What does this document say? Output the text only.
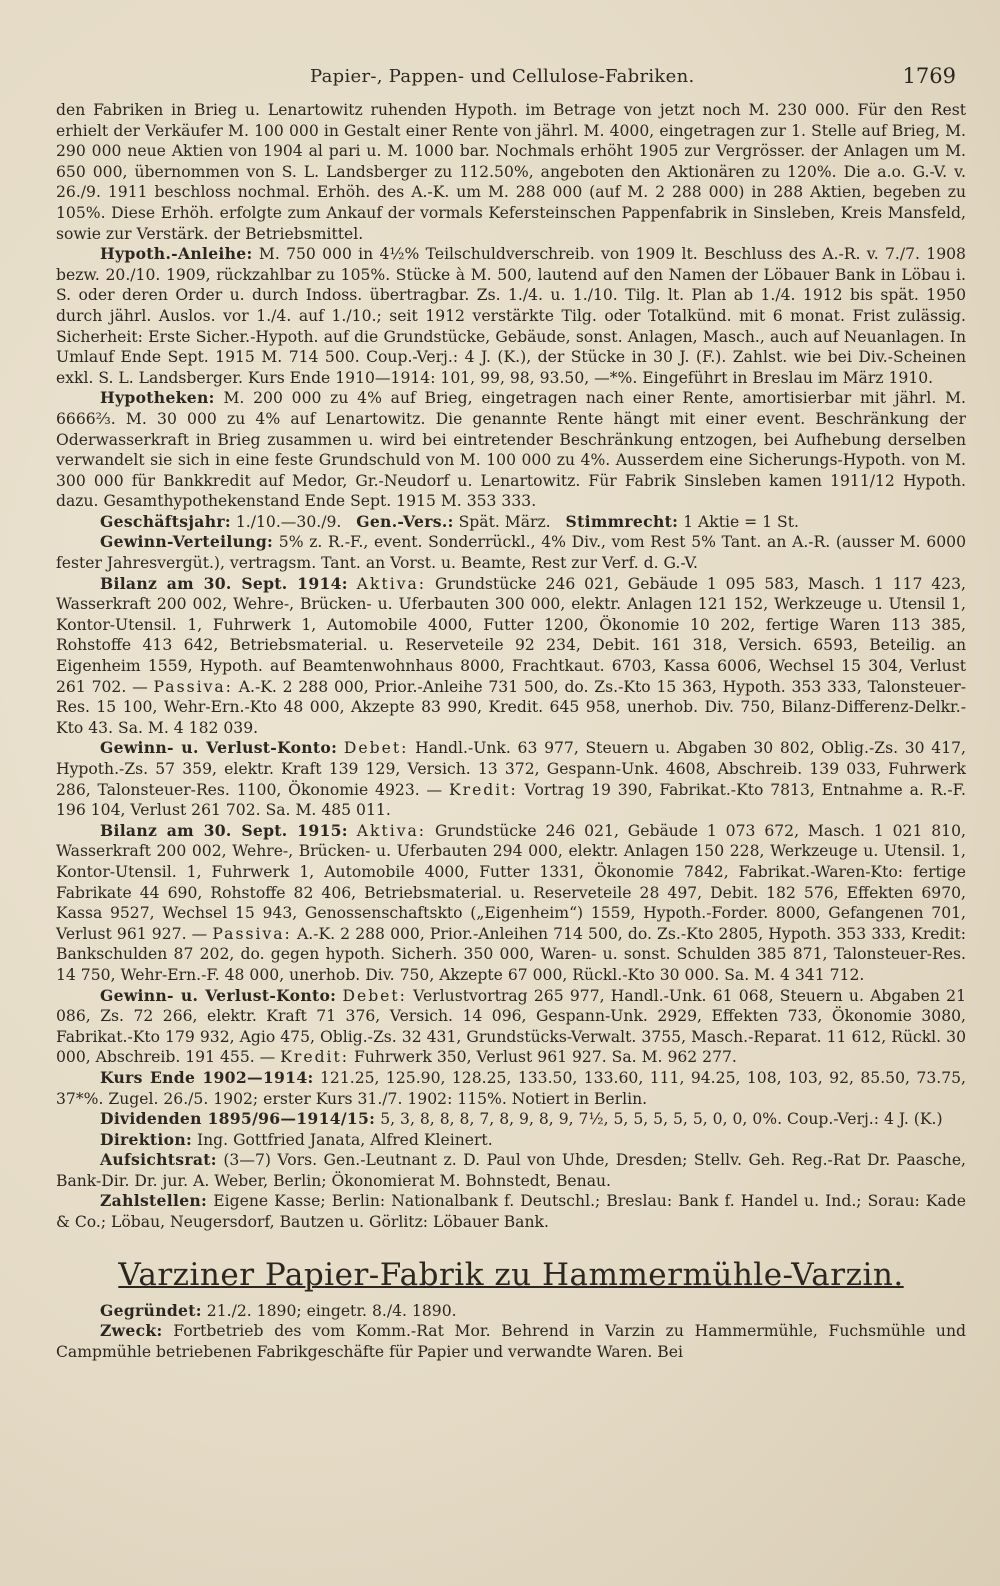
Papier-, Pappen- und Cellulose-Fabriken.	1769

den Fabriken in Brieg u. Lenartowitz ruhenden Hypoth. im Betrage von jetzt noch M. 230 000. Für den Rest erhielt der Verkäufer M. 100 000 in Gestalt einer Rente von jährl. M. 4000, eingetragen zur 1. Stelle auf Brieg, M. 290 000 neue Aktien von 1904 al pari u. M. 1000 bar. Nochmals erhöht 1905 zur Vergrösser. der Anlagen um M. 650 000, übernommen von S. L. Landsberger zu 112.50%, angeboten den Aktionären zu 120%. Die a.o. G.-V. v. 26./9. 1911 beschloss nochmal. Erhöh. des A.-K. um M. 288 000 (auf M. 2 288 000) in 288 Aktien, begeben zu 105%. Diese Erhöh. erfolgte zum Ankauf der vormals Kefersteinschen Pappenfabrik in Sinsleben, Kreis Mansfeld, sowie zur Verstärk. der Betriebsmittel.

Hypoth.-Anleihe: M. 750 000 in 4½% Teilschuldverschreib. von 1909 lt. Beschluss des A.-R. v. 7./7. 1908 bezw. 20./10. 1909, rückzahlbar zu 105%. Stücke à M. 500, lautend auf den Namen der Löbauer Bank in Löbau i. S. oder deren Order u. durch Indoss. übertragbar. Zs. 1./4. u. 1./10. Tilg. lt. Plan ab 1./4. 1912 bis spät. 1950 durch jährl. Auslos. vor 1./4. auf 1./10.; seit 1912 verstärkte Tilg. oder Totalkünd. mit 6 monat. Frist zulässig. Sicherheit: Erste Sicher.-Hypoth. auf die Grundstücke, Gebäude, sonst. Anlagen, Masch., auch auf Neuanlagen. In Umlauf Ende Sept. 1915 M. 714 500. Coup.-Verj.: 4 J. (K.), der Stücke in 30 J. (F.). Zahlst. wie bei Div.-Scheinen exkl. S. L. Landsberger. Kurs Ende 1910—1914: 101, 99, 98, 93.50, —*%. Eingeführt in Breslau im März 1910.

Hypotheken: M. 200 000 zu 4% auf Brieg, eingetragen nach einer Rente, amortisierbar mit jährl. M. 6666⅔. M. 30 000 zu 4% auf Lenartowitz. Die genannte Rente hängt mit einer event. Beschränkung der Oderwasserkraft in Brieg zusammen u. wird bei eintretender Beschränkung entzogen, bei Aufhebung derselben verwandelt sie sich in eine feste Grundschuld von M. 100 000 zu 4%. Ausserdem eine Sicherungs-Hypoth. von M. 300 000 für Bankkredit auf Medor, Gr.-Neudorf u. Lenartowitz. Für Fabrik Sinsleben kamen 1911/12 Hypoth. dazu. Gesamthypothekenstand Ende Sept. 1915 M. 353 333.

Geschäftsjahr: 1./10.—30./9. Gen.-Vers.: Spät. März. Stimmrecht: 1 Aktie = 1 St.

Gewinn-Verteilung: 5% z. R.-F., event. Sonderrückl., 4% Div., vom Rest 5% Tant. an A.-R. (ausser M. 6000 fester Jahresvergüt.), vertragsm. Tant. an Vorst. u. Beamte, Rest zur Verf. d. G.-V.

Bilanz am 30. Sept. 1914: Aktiva: Grundstücke 246 021, Gebäude 1 095 583, Masch. 1 117 423, Wasserkraft 200 002, Wehre-, Brücken- u. Uferbauten 300 000, elektr. Anlagen 121 152, Werkzeuge u. Utensil 1, Kontor-Utensil. 1, Fuhrwerk 1, Automobile 4000, Futter 1200, Ökonomie 10 202, fertige Waren 113 385, Rohstoffe 413 642, Betriebsmaterial. u. Reserveteile 92 234, Debit. 161 318, Versich. 6593, Beteilig. an Eigenheim 1559, Hypoth. auf Beamtenwohnhaus 8000, Frachtkaut. 6703, Kassa 6006, Wechsel 15 304, Verlust 261 702. — Passiva: A.-K. 2 288 000, Prior.-Anleihe 731 500, do. Zs.-Kto 15 363, Hypoth. 353 333, Talonsteuer-Res. 15 100, Wehr-Ern.-Kto 48 000, Akzepte 83 990, Kredit. 645 958, unerhob. Div. 750, Bilanz-Differenz-Delkr.-Kto 43. Sa. M. 4 182 039.

Gewinn- u. Verlust-Konto: Debet: Handl.-Unk. 63 977, Steuern u. Abgaben 30 802, Oblig.-Zs. 30 417, Hypoth.-Zs. 57 359, elektr. Kraft 139 129, Versich. 13 372, Gespann-Unk. 4608, Abschreib. 139 033, Fuhrwerk 286, Talonsteuer-Res. 1100, Ökonomie 4923. — Kredit: Vortrag 19 390, Fabrikat.-Kto 7813, Entnahme a. R.-F. 196 104, Verlust 261 702. Sa. M. 485 011.

Bilanz am 30. Sept. 1915: Aktiva: Grundstücke 246 021, Gebäude 1 073 672, Masch. 1 021 810, Wasserkraft 200 002, Wehre-, Brücken- u. Uferbauten 294 000, elektr. Anlagen 150 228, Werkzeuge u. Utensil. 1, Kontor-Utensil. 1, Fuhrwerk 1, Automobile 4000, Futter 1331, Ökonomie 7842, Fabrikat.-Waren-Kto: fertige Fabrikate 44 690, Rohstoffe 82 406, Betriebsmaterial. u. Reserveteile 28 497, Debit. 182 576, Effekten 6970, Kassa 9527, Wechsel 15 943, Genossenschaftskto („Eigenheim“) 1559, Hypoth.-Forder. 8000, Gefangenen 701, Verlust 961 927. — Passiva: A.-K. 2 288 000, Prior.-Anleihen 714 500, do. Zs.-Kto 2805, Hypoth. 353 333, Kredit: Bankschulden 87 202, do. gegen hypoth. Sicherh. 350 000, Waren- u. sonst. Schulden 385 871, Talonsteuer-Res. 14 750, Wehr-Ern.-F. 48 000, unerhob. Div. 750, Akzepte 67 000, Rückl.-Kto 30 000. Sa. M. 4 341 712.

Gewinn- u. Verlust-Konto: Debet: Verlustvortrag 265 977, Handl.-Unk. 61 068, Steuern u. Abgaben 21 086, Zs. 72 266, elektr. Kraft 71 376, Versich. 14 096, Gespann-Unk. 2929, Effekten 733, Ökonomie 3080, Fabrikat.-Kto 179 932, Agio 475, Oblig.-Zs. 32 431, Grundstücks-Verwalt. 3755, Masch.-Reparat. 11 612, Rückl. 30 000, Abschreib. 191 455. — Kredit: Fuhrwerk 350, Verlust 961 927. Sa. M. 962 277.

Kurs Ende 1902—1914: 121.25, 125.90, 128.25, 133.50, 133.60, 111, 94.25, 108, 103, 92, 85.50, 73.75, 37*%. Zugel. 26./5. 1902; erster Kurs 31./7. 1902: 115%. Notiert in Berlin.

Dividenden 1895/96—1914/15: 5, 3, 8, 8, 8, 7, 8, 9, 8, 9, 7½, 5, 5, 5, 5, 5, 0, 0, 0%. Coup.-Verj.: 4 J. (K.)

Direktion: Ing. Gottfried Janata, Alfred Kleinert.

Aufsichtsrat: (3—7) Vors. Gen.-Leutnant z. D. Paul von Uhde, Dresden; Stellv. Geh. Reg.-Rat Dr. Paasche, Bank-Dir. Dr. jur. A. Weber, Berlin; Ökonomierat M. Bohnstedt, Benau.

Zahlstellen: Eigene Kasse; Berlin: Nationalbank f. Deutschl.; Breslau: Bank f. Handel u. Ind.; Sorau: Kade & Co.; Löbau, Neugersdorf, Bautzen u. Görlitz: Löbauer Bank.

Varziner Papier-Fabrik zu Hammermühle-Varzin.

Gegründet: 21./2. 1890; eingetr. 8./4. 1890.

Zweck: Fortbetrieb des vom Komm.-Rat Mor. Behrend in Varzin zu Hammermühle, Fuchsmühle und Campmühle betriebenen Fabrikgeschäfte für Papier und verwandte Waren. Bei
